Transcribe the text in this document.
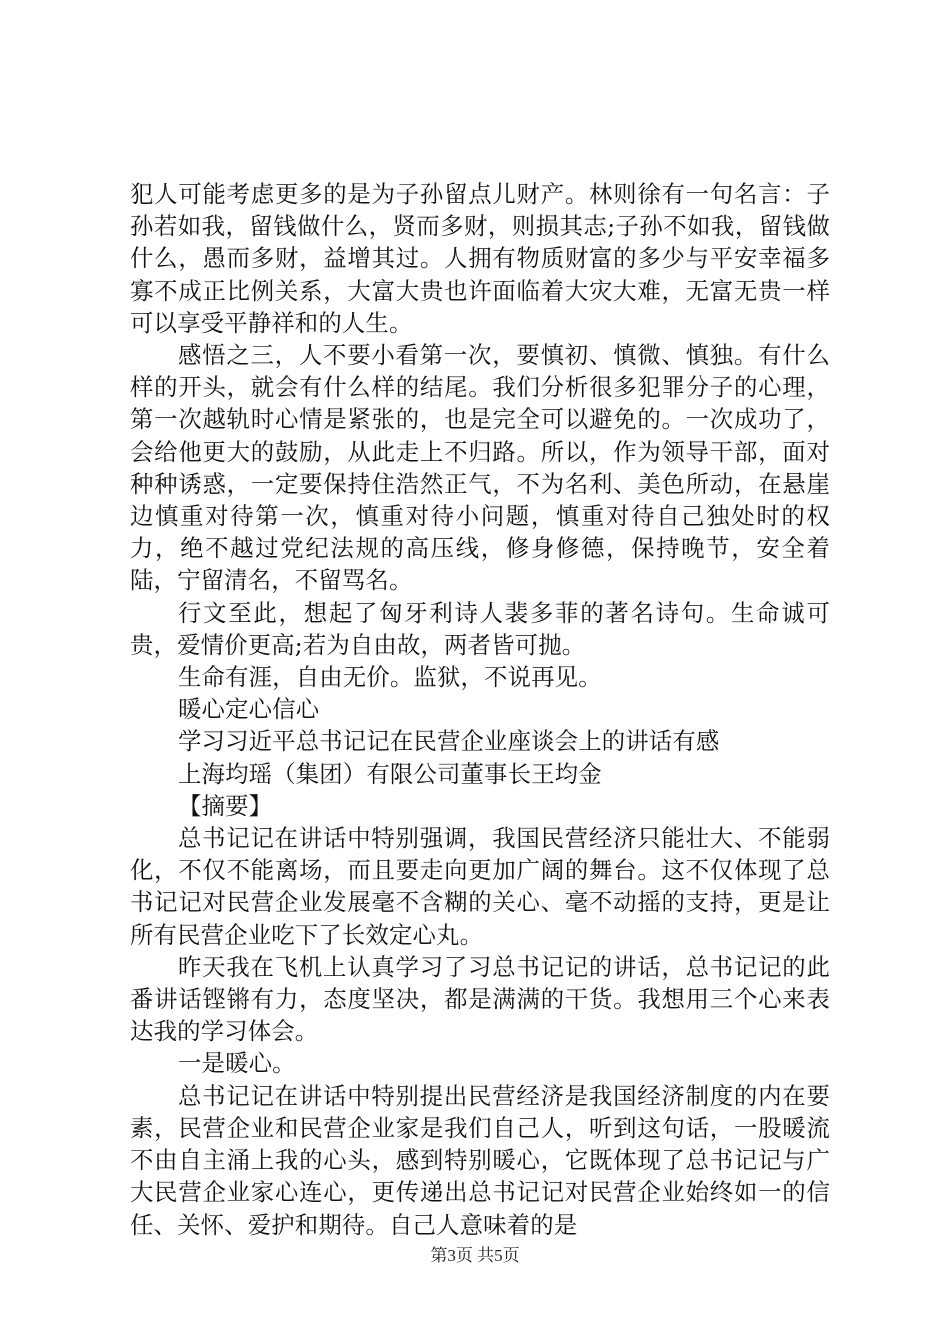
犯人可能考虑更多的是为子孙留点儿财产。林则徐有一句名言：子孙若如我，留钱做什么，贤而多财，则损其志;子孙不如我，留钱做什么，愚而多财，益增其过。人拥有物质财富的多少与平安幸福多寡不成正比例关系，大富大贵也许面临着大灾大难，无富无贵一样可以享受平静祥和的人生。

感悟之三，人不要小看第一次，要慎初、慎微、慎独。有什么样的开头，就会有什么样的结尾。我们分析很多犯罪分子的心理，第一次越轨时心情是紧张的，也是完全可以避免的。一次成功了，会给他更大的鼓励，从此走上不归路。所以，作为领导干部，面对种种诱惑，一定要保持住浩然正气，不为名利、美色所动，在悬崖边慎重对待第一次，慎重对待小问题，慎重对待自己独处时的权力，绝不越过党纪法规的高压线，修身修德，保持晚节，安全着陆，宁留清名，不留骂名。

行文至此，想起了匈牙利诗人裴多菲的著名诗句。生命诚可贵，爱情价更高;若为自由故，两者皆可抛。

生命有涯，自由无价。监狱，不说再见。

暖心定心信心

学习习近平总书记记在民营企业座谈会上的讲话有感

上海均瑶（集团）有限公司董事长王均金

【摘要】

总书记记在讲话中特别强调，我国民营经济只能壮大、不能弱化，不仅不能离场，而且要走向更加广阔的舞台。这不仅体现了总书记记对民营企业发展毫不含糊的关心、毫不动摇的支持，更是让所有民营企业吃下了长效定心丸。

昨天我在飞机上认真学习了习总书记记的讲话，总书记记的此番讲话铿锵有力，态度坚决，都是满满的干货。我想用三个心来表达我的学习体会。

一是暖心。

总书记记在讲话中特别提出民营经济是我国经济制度的内在要素，民营企业和民营企业家是我们自己人，听到这句话，一股暖流不由自主涌上我的心头，感到特别暖心，它既体现了总书记记与广大民营企业家心连心，更传递出总书记记对民营企业始终如一的信任、关怀、爱护和期待。自己人意味着的是

第3页 共5页
